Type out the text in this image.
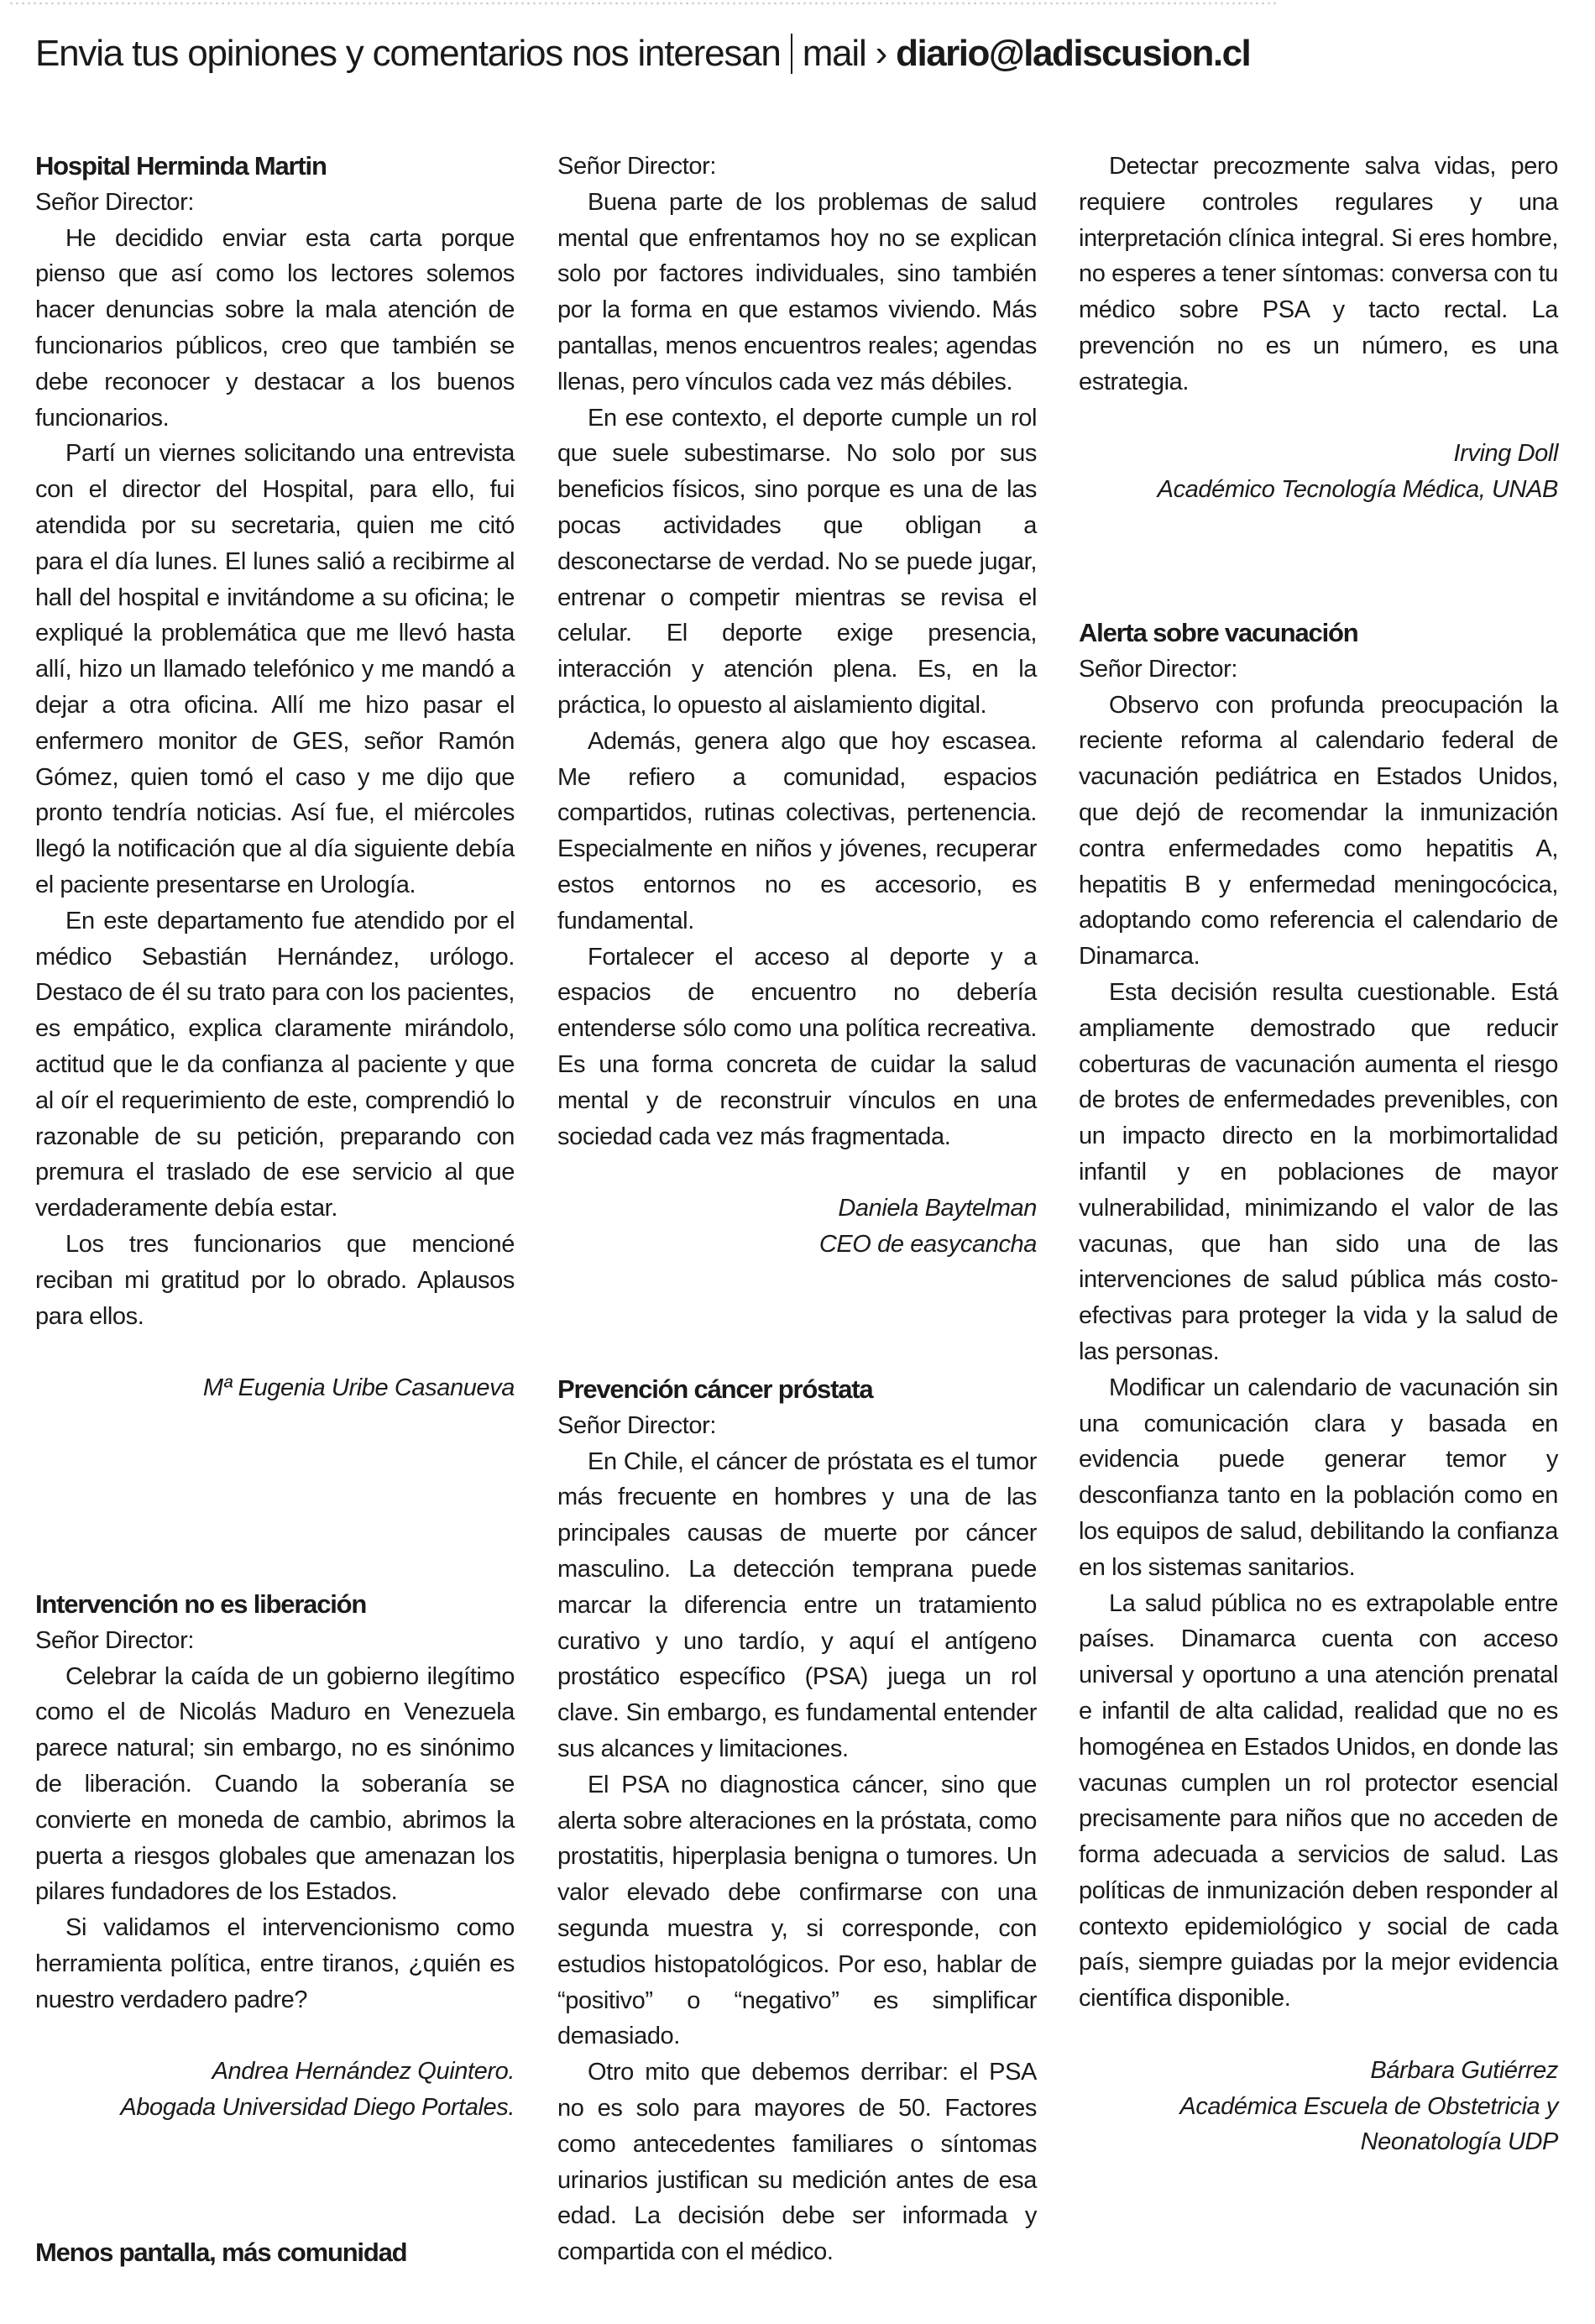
Envia tus opiniones y comentarios nos interesan mail › diario@ladiscusion.cl
Hospital Herminda Martin
Señor Director:

He decidido enviar esta carta porque pienso que así como los lectores solemos hacer denuncias sobre la mala atención de funcionarios públicos, creo que también se debe reconocer y destacar a los buenos funcionarios.

Partí un viernes solicitando una entrevista con el director del Hospital, para ello, fui atendida por su secretaria, quien me citó para el día lunes. El lunes salió a recibirme al hall del hospital e invitándome a su oficina; le expliqué la problemática que me llevó hasta allí, hizo un llamado telefónico y me mandó a dejar a otra oficina. Allí me hizo pasar el enfermero monitor de GES, señor Ramón Gómez, quien tomó el caso y me dijo que pronto tendría noticias. Así fue, el miércoles llegó la notificación que al día siguiente debía el paciente presentarse en Urología.

En este departamento fue atendido por el médico Sebastián Hernández, urólogo. Destaco de él su trato para con los pacientes, es empático, explica claramente mirándolo, actitud que le da confianza al paciente y que al oír el requerimiento de este, comprendió lo razonable de su petición, preparando con premura el traslado de ese servicio al que verdaderamente debía estar.

Los tres funcionarios que mencioné reciban mi gratitud por lo obrado. Aplausos para ellos.

Mª Eugenia Uribe Casanueva
Intervención no es liberación
Señor Director:

Celebrar la caída de un gobierno ilegítimo como el de Nicolás Maduro en Venezuela parece natural; sin embargo, no es sinónimo de liberación. Cuando la soberanía se convierte en moneda de cambio, abrimos la puerta a riesgos globales que amenazan los pilares fundadores de los Estados.

Si validamos el intervencionismo como herramienta política, entre tiranos, ¿quién es nuestro verdadero padre?

Andrea Hernández Quintero.
Abogada Universidad Diego Portales.
Menos pantalla, más comunidad
Señor Director:

Buena parte de los problemas de salud mental que enfrentamos hoy no se explican solo por factores individuales, sino también por la forma en que estamos viviendo. Más pantallas, menos encuentros reales; agendas llenas, pero vínculos cada vez más débiles.

En ese contexto, el deporte cumple un rol que suele subestimarse. No solo por sus beneficios físicos, sino porque es una de las pocas actividades que obligan a desconectarse de verdad. No se puede jugar, entrenar o competir mientras se revisa el celular. El deporte exige presencia, interacción y atención plena. Es, en la práctica, lo opuesto al aislamiento digital.

Además, genera algo que hoy escasea. Me refiero a comunidad, espacios compartidos, rutinas colectivas, pertenencia. Especialmente en niños y jóvenes, recuperar estos entornos no es accesorio, es fundamental.

Fortalecer el acceso al deporte y a espacios de encuentro no debería entenderse sólo como una política recreativa. Es una forma concreta de cuidar la salud mental y de reconstruir vínculos en una sociedad cada vez más fragmentada.

Daniela Baytelman
CEO de easycancha
Prevención cáncer próstata
Señor Director:

En Chile, el cáncer de próstata es el tumor más frecuente en hombres y una de las principales causas de muerte por cáncer masculino. La detección temprana puede marcar la diferencia entre un tratamiento curativo y uno tardío, y aquí el antígeno prostático específico (PSA) juega un rol clave. Sin embargo, es fundamental entender sus alcances y limitaciones.

El PSA no diagnostica cáncer, sino que alerta sobre alteraciones en la próstata, como prostatitis, hiperplasia benigna o tumores. Un valor elevado debe confirmarse con una segunda muestra y, si corresponde, con estudios histopatológicos. Por eso, hablar de “positivo” o “negativo” es simplificar demasiado.

Otro mito que debemos derribar: el PSA no es solo para mayores de 50. Factores como antecedentes familiares o síntomas urinarios justifican su medición antes de esa edad. La decisión debe ser informada y compartida con el médico.

Detectar precozmente salva vidas, pero requiere controles regulares y una interpretación clínica integral. Si eres hombre, no esperes a tener síntomas: conversa con tu médico sobre PSA y tacto rectal. La prevención no es un número, es una estrategia.

Irving Doll
Académico Tecnología Médica, UNAB
Alerta sobre vacunación
Señor Director:

Observo con profunda preocupación la reciente reforma al calendario federal de vacunación pediátrica en Estados Unidos, que dejó de recomendar la inmunización contra enfermedades como hepatitis A, hepatitis B y enfermedad meningocócica, adoptando como referencia el calendario de Dinamarca.

Esta decisión resulta cuestionable. Está ampliamente demostrado que reducir coberturas de vacunación aumenta el riesgo de brotes de enfermedades prevenibles, con un impacto directo en la morbimortalidad infantil y en poblaciones de mayor vulnerabilidad, minimizando el valor de las vacunas, que han sido una de las intervenciones de salud pública más costo-efectivas para proteger la vida y la salud de las personas.

Modificar un calendario de vacunación sin una comunicación clara y basada en evidencia puede generar temor y desconfianza tanto en la población como en los equipos de salud, debilitando la confianza en los sistemas sanitarios.

La salud pública no es extrapolable entre países. Dinamarca cuenta con acceso universal y oportuno a una atención prenatal e infantil de alta calidad, realidad que no es homogénea en Estados Unidos, en donde las vacunas cumplen un rol protector esencial precisamente para niños que no acceden de forma adecuada a servicios de salud. Las políticas de inmunización deben responder al contexto epidemiológico y social de cada país, siempre guiadas por la mejor evidencia científica disponible.

Bárbara Gutiérrez
Académica Escuela de Obstetricia y
Neonatología UDP
